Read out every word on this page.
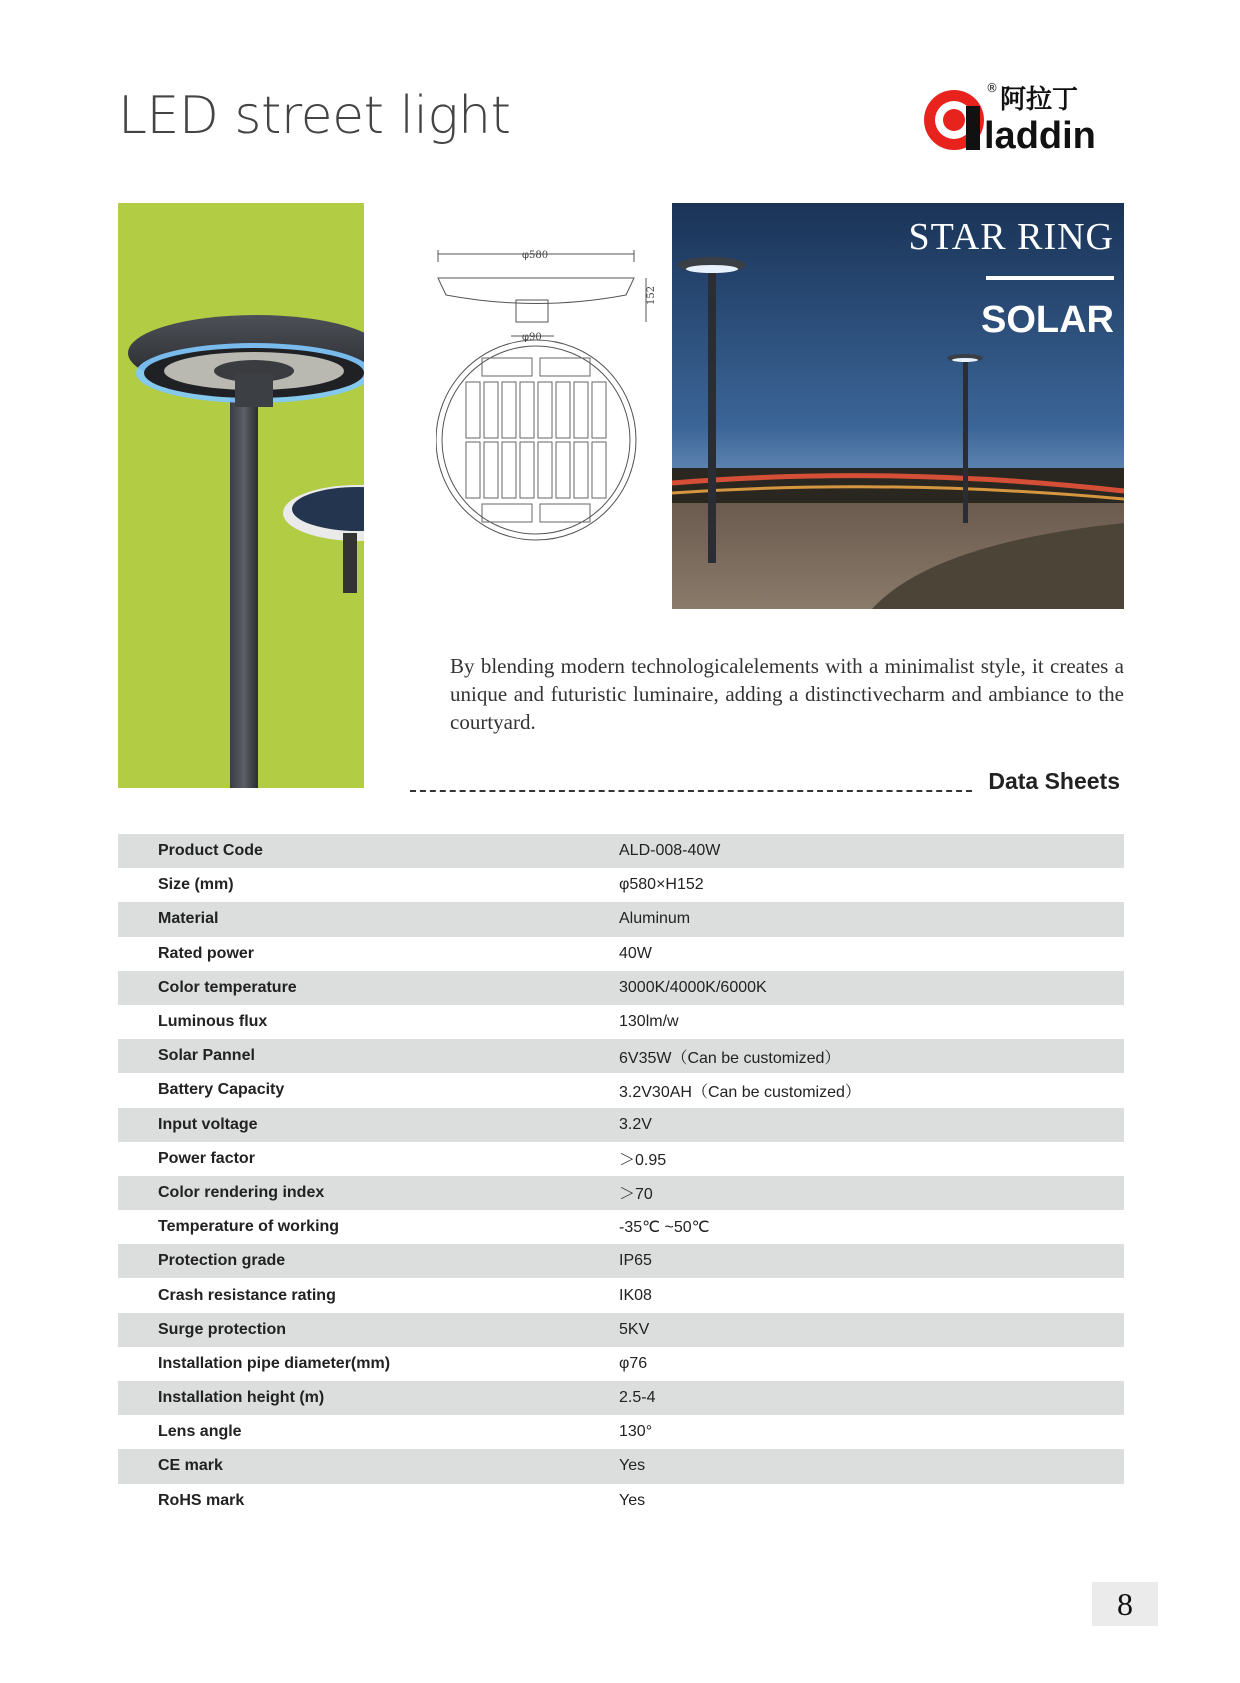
LED street light	laddin
® 阿拉丁
φ580
152
φ90
STAR RING
SOLAR
By blending modern technologicalelements with a minimalist style, it creates a unique and futuristic luminaire, adding a distinctivecharm and ambiance to the courtyard.
Data Sheets
Product Code	ALD-008-40W
Size (mm)	φ580×H152
Material	Aluminum
Rated power	40W
Color temperature	3000K/4000K/6000K
Luminous flux	130lm/w
Solar Pannel	6V35W（Can be customized）
Battery Capacity	3.2V30AH（Can be customized）
Input voltage	3.2V
Power factor	＞0.95
Color rendering index	＞70
Temperature of working	-35℃ ~50℃
Protection grade	IP65
Crash resistance rating	IK08
Surge protection	5KV
Installation pipe diameter(mm)	φ76
Installation height (m)	2.5-4
Lens angle	130°
CE mark	Yes
RoHS mark	Yes
8
